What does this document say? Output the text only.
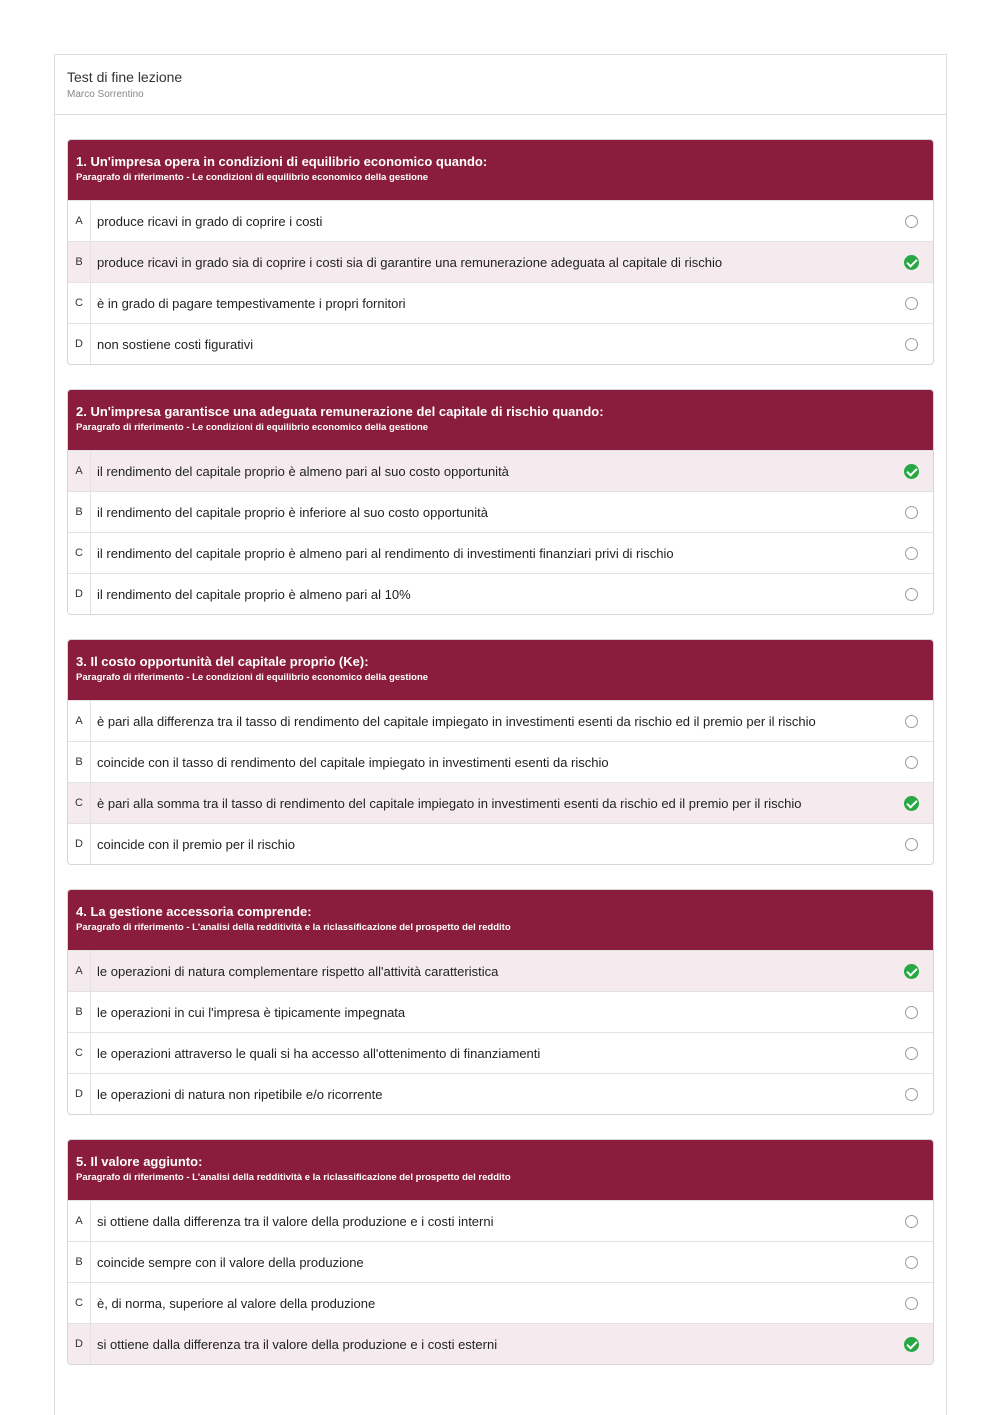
Test di fine lezione
Marco Sorrentino
1. Un'impresa opera in condizioni di equilibrio economico quando:
Paragrafo di riferimento - Le condizioni di equilibrio economico della gestione
A	produce ricavi in grado di coprire i costi
B	produce ricavi in grado sia di coprire i costi sia di garantire una remunerazione adeguata al capitale di rischio
C	è in grado di pagare tempestivamente i propri fornitori
D	non sostiene costi figurativi
2. Un'impresa garantisce una adeguata remunerazione del capitale di rischio quando:
Paragrafo di riferimento - Le condizioni di equilibrio economico della gestione
A	il rendimento del capitale proprio è almeno pari al suo costo opportunità
B	il rendimento del capitale proprio è inferiore al suo costo opportunità
C	il rendimento del capitale proprio è almeno pari al rendimento di investimenti finanziari privi di rischio
D	il rendimento del capitale proprio è almeno pari al 10%
3. Il costo opportunità del capitale proprio (Ke):
Paragrafo di riferimento - Le condizioni di equilibrio economico della gestione
A	è pari alla differenza tra il tasso di rendimento del capitale impiegato in investimenti esenti da rischio ed il premio per il rischio
B	coincide con il tasso di rendimento del capitale impiegato in investimenti esenti da rischio
C	è pari alla somma tra il tasso di rendimento del capitale impiegato in investimenti esenti da rischio ed il premio per il rischio
D	coincide con il premio per il rischio
4. La gestione accessoria comprende:
Paragrafo di riferimento - L'analisi della redditività e la riclassificazione del prospetto del reddito
A	le operazioni di natura complementare rispetto all'attività caratteristica
B	le operazioni in cui l'impresa è tipicamente impegnata
C	le operazioni attraverso le quali si ha accesso all'ottenimento di finanziamenti
D	le operazioni di natura non ripetibile e/o ricorrente
5. Il valore aggiunto:
Paragrafo di riferimento - L'analisi della redditività e la riclassificazione del prospetto del reddito
A	si ottiene dalla differenza tra il valore della produzione e i costi interni
B	coincide sempre con il valore della produzione
C	è, di norma, superiore al valore della produzione
D	si ottiene dalla differenza tra il valore della produzione e i costi esterni
